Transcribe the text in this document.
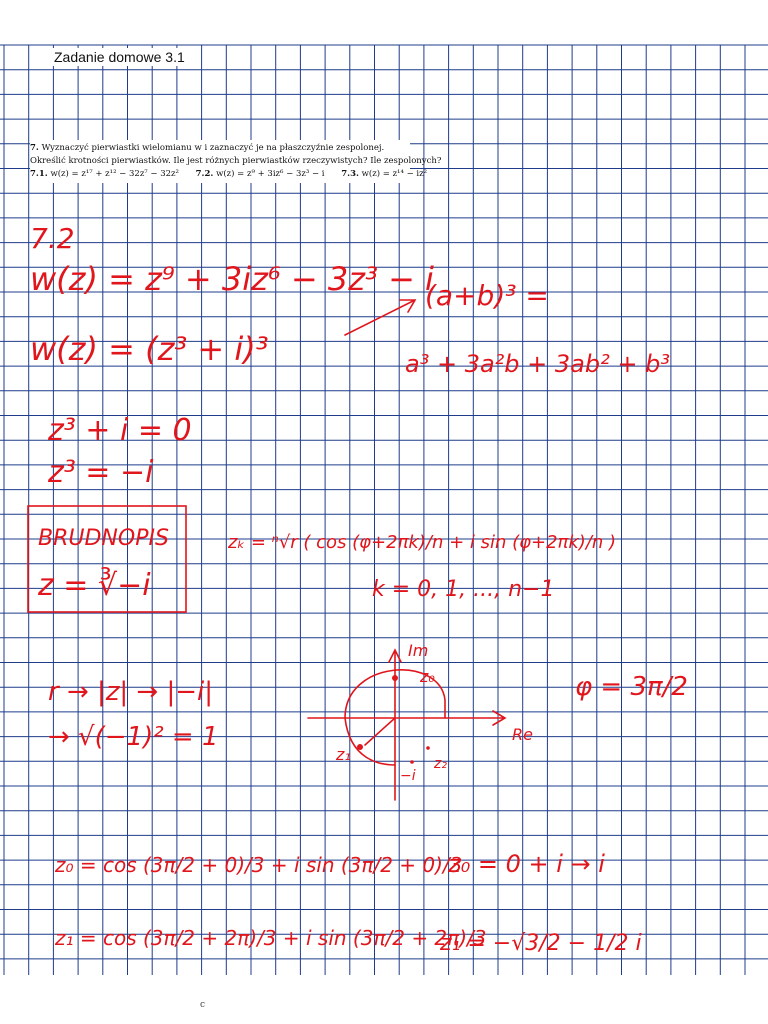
Zadanie domowe 3.1
7. Wyznaczyć pierwiastki wielomianu w i zaznaczyć je na płaszczyźnie zespolonej.
Określić krotności pierwiastków. Ile jest różnych pierwiastków rzeczywistych? Ile zespolonych?
7.1. w(z) = z¹⁷ + z¹² − 32z⁷ − 32z² 7.2. w(z) = z⁹ + 3iz⁶ − 3z³ − i 7.3. w(z) = z¹⁴ − iz²
7.2
w(z) = z⁹ + 3iz⁶ − 3z³ − i
w(z) = (z³ + i)³
(a+b)³ =
a³ + 3a²b + 3ab² + b³
z³ + i = 0
z³ = −i
BRUDNOPIS
z = ∛−i
zₖ = ⁿ√r ( cos (φ+2πk)/n + i sin (φ+2πk)/n )
k = 0, 1, ..., n−1
r → |z| → |−i|
→ √(−1)² = 1
φ = 3π/2
Im
Re
z₀
z₁	z₂
−i
z₀ = cos (3π/2 + 0)/3 + i sin (3π/2 + 0)/3
z₀ = 0 + i → i
z₁ = cos (3π/2 + 2π)/3 + i sin (3π/2 + 2π)/3
z₁ = −√3/2 − 1/2 i
c
